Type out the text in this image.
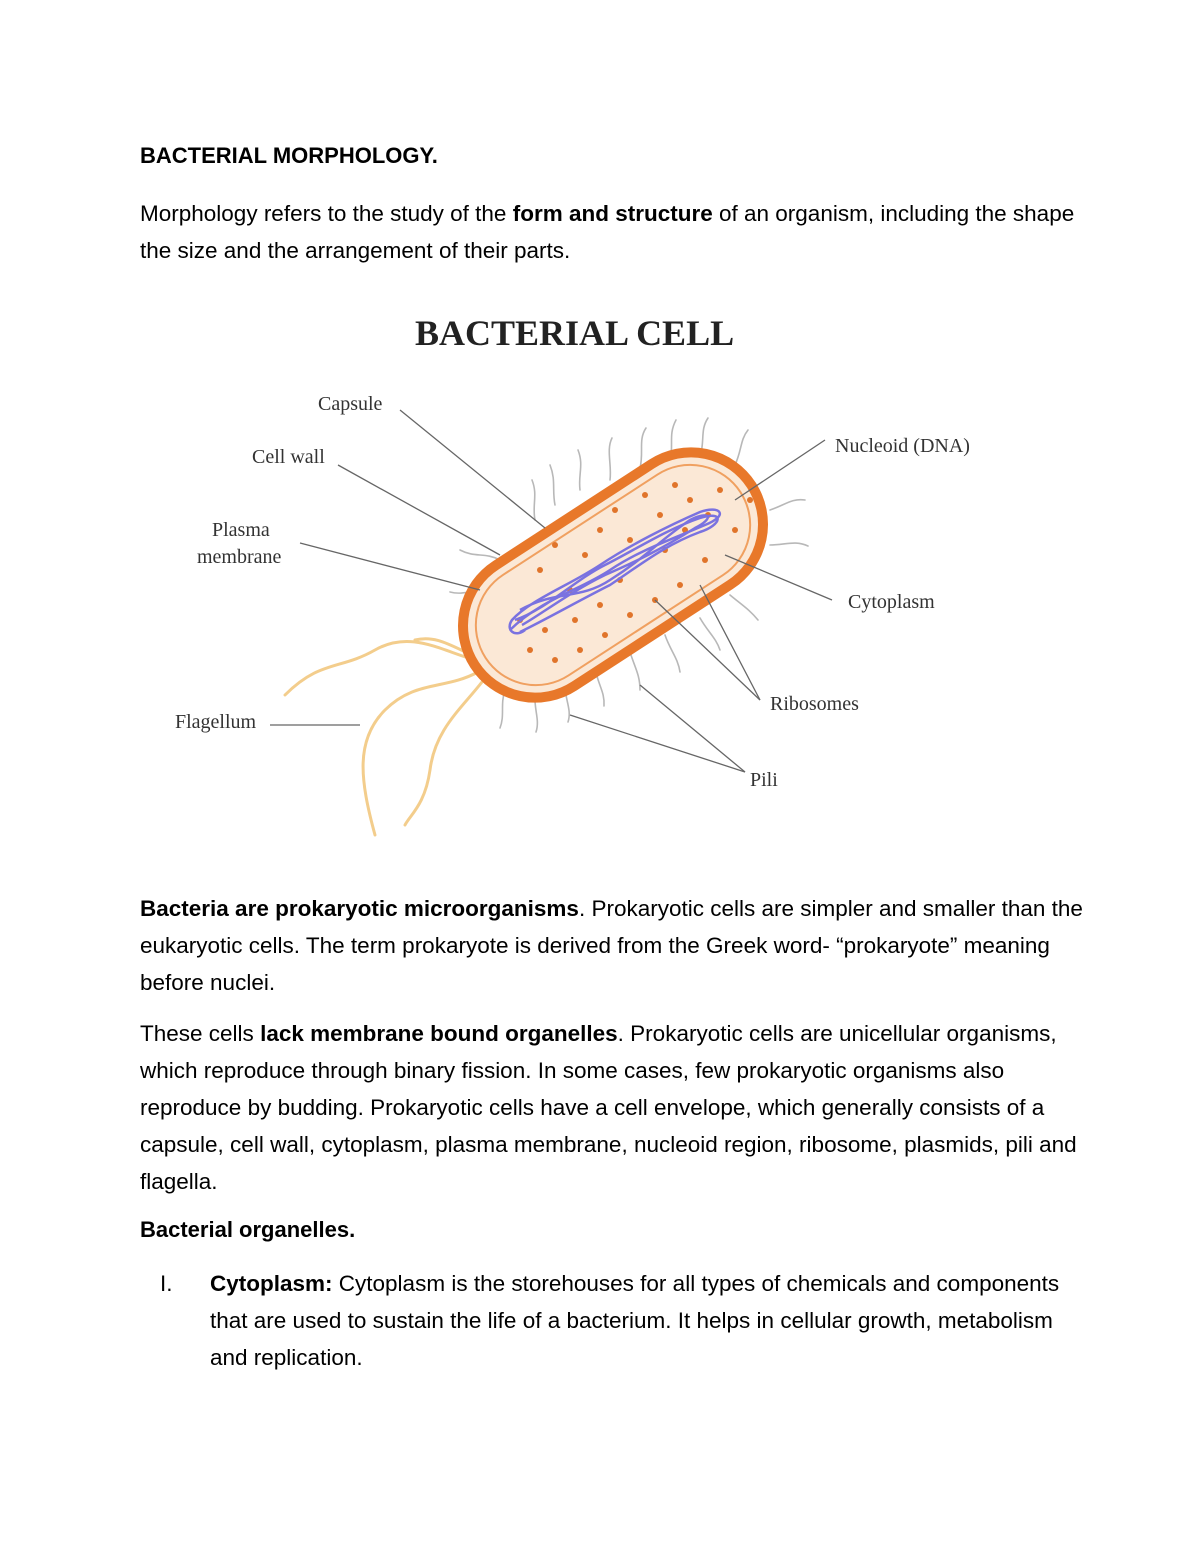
BACTERIAL MORPHOLOGY.

Morphology refers to the study of the form and structure of an organism, including the shape the size and the arrangement of their parts.

BACTERIAL CELL
Capsule
Cell wall
Plasma
membrane
Flagellum
Nucleoid (DNA)
Cytoplasm
Ribosomes
Pili

Bacteria are prokaryotic microorganisms. Prokaryotic cells are simpler and smaller than the eukaryotic cells. The term prokaryote is derived from the Greek word- “prokaryote” meaning before nuclei.

These cells lack membrane bound organelles. Prokaryotic cells are unicellular organisms, which reproduce through binary fission. In some cases, few prokaryotic organisms also reproduce by budding. Prokaryotic cells have a cell envelope, which generally consists of a capsule, cell wall, cytoplasm, plasma membrane, nucleoid region, ribosome, plasmids, pili and flagella.

Bacterial organelles.
I. Cytoplasm: Cytoplasm is the storehouses for all types of chemicals and components that are used to sustain the life of a bacterium. It helps in cellular growth, metabolism and replication.
